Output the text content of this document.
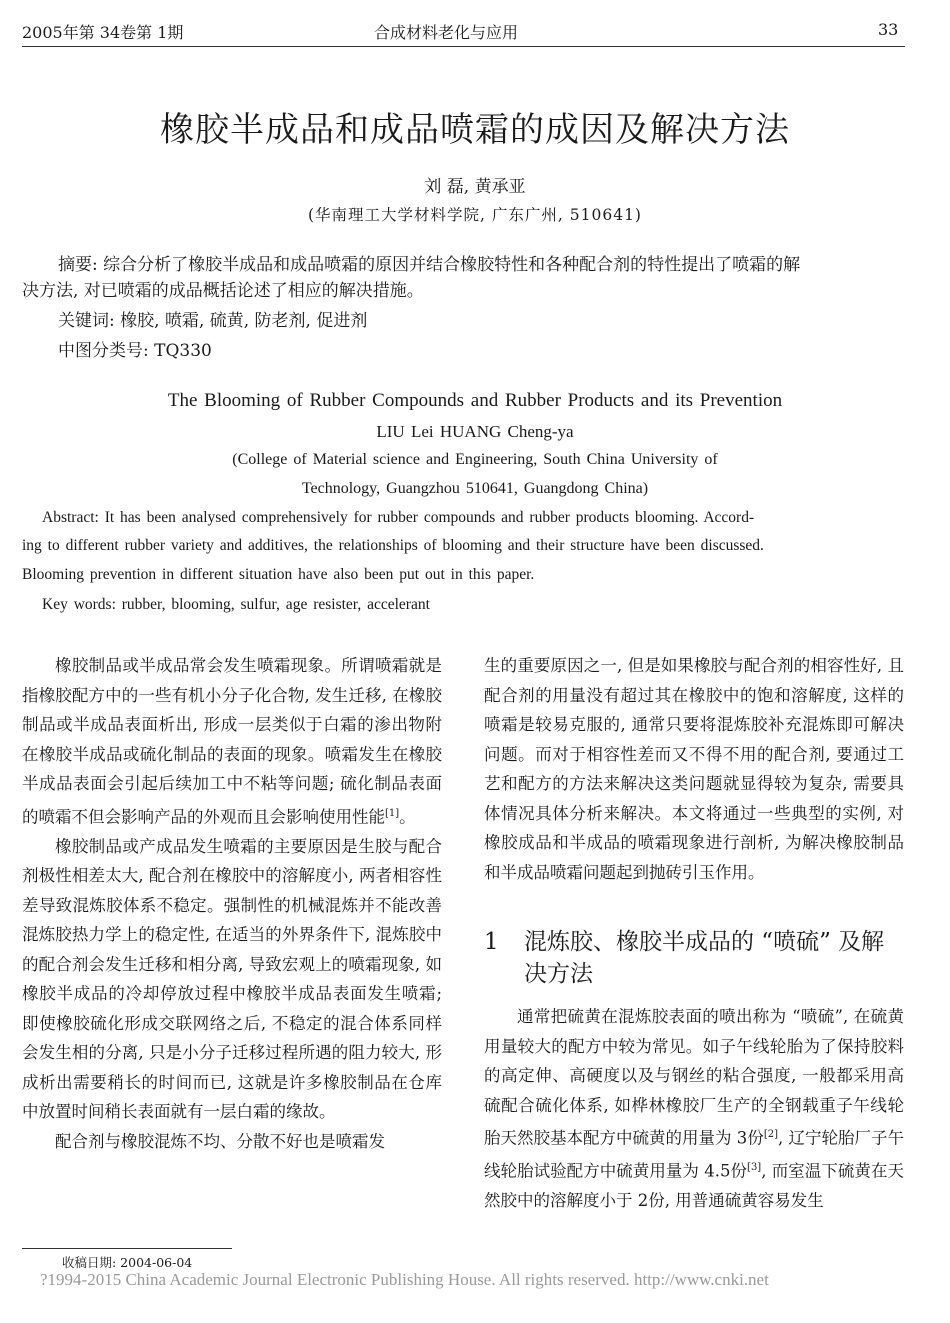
2005年第 34卷第 1期	合成材料老化与应用	33
橡胶半成品和成品喷霜的成因及解决方法
刘 磊, 黄承亚
(华南理工大学材料学院, 广东广州, 510641)
摘要: 综合分析了橡胶半成品和成品喷霜的原因并结合橡胶特性和各种配合剂的特性提出了喷霜的解
决方法, 对已喷霜的成品概括论述了相应的解决措施。
关键词: 橡胶, 喷霜, 硫黄, 防老剂, 促进剂
中图分类号: TQ330
The Blooming of Rubber Compounds and Rubber Products and its Prevention
LIU Lei HUANG Cheng-ya
(College of Material science and Engineering, South China University of
Technology, Guangzhou 510641, Guangdong China)
Abstract: It has been analysed comprehensively for rubber compounds and rubber products blooming. Accord-
ing to different rubber variety and additives, the relationships of blooming and their structure have been discussed.
Blooming prevention in different situation have also been put out in this paper.
Key words: rubber, blooming, sulfur, age resister, accelerant

橡胶制品或半成品常会发生喷霜现象。所谓喷霜就是指橡胶配方中的一些有机小分子化合物, 发生迁移, 在橡胶制品或半成品表面析出, 形成一层类似于白霜的渗出物附在橡胶半成品或硫化制品的表面的现象。喷霜发生在橡胶半成品表面会引起后续加工中不粘等问题; 硫化制品表面的喷霜不但会影响产品的外观而且会影响使用性能[1]。

橡胶制品或产成品发生喷霜的主要原因是生胶与配合剂极性相差太大, 配合剂在橡胶中的溶解度小, 两者相容性差导致混炼胶体系不稳定。强制性的机械混炼并不能改善混炼胶热力学上的稳定性, 在适当的外界条件下, 混炼胶中的配合剂会发生迁移和相分离, 导致宏观上的喷霜现象, 如橡胶半成品的冷却停放过程中橡胶半成品表面发生喷霜; 即使橡胶硫化形成交联网络之后, 不稳定的混合体系同样会发生相的分离, 只是小分子迁移过程所遇的阻力较大, 形成析出需要稍长的时间而已, 这就是许多橡胶制品在仓库中放置时间稍长表面就有一层白霜的缘故。

配合剂与橡胶混炼不均、分散不好也是喷霜发

生的重要原因之一, 但是如果橡胶与配合剂的相容性好, 且配合剂的用量没有超过其在橡胶中的饱和溶解度, 这样的喷霜是较易克服的, 通常只要将混炼胶补充混炼即可解决问题。而对于相容性差而又不得不用的配合剂, 要通过工艺和配方的方法来解决这类问题就显得较为复杂, 需要具体情况具体分析来解决。本文将通过一些典型的实例, 对橡胶成品和半成品的喷霜现象进行剖析, 为解决橡胶制品和半成品喷霜问题起到抛砖引玉作用。

1 混炼胶、橡胶半成品的 “喷硫” 及解决方法

通常把硫黄在混炼胶表面的喷出称为 “喷硫”, 在硫黄用量较大的配方中较为常见。如子午线轮胎为了保持胶料的高定伸、高硬度以及与钢丝的粘合强度, 一般都采用高硫配合硫化体系, 如桦林橡胶厂生产的全钢载重子午线轮胎天然胶基本配方中硫黄的用量为 3份[2], 辽宁轮胎厂子午线轮胎试验配方中硫黄用量为 4.5份[3], 而室温下硫黄在天然胶中的溶解度小于 2份, 用普通硫黄容易发生

收稿日期: 2004-06-04
?1994-2015 China Academic Journal Electronic Publishing House. All rights reserved. http://www.cnki.net
